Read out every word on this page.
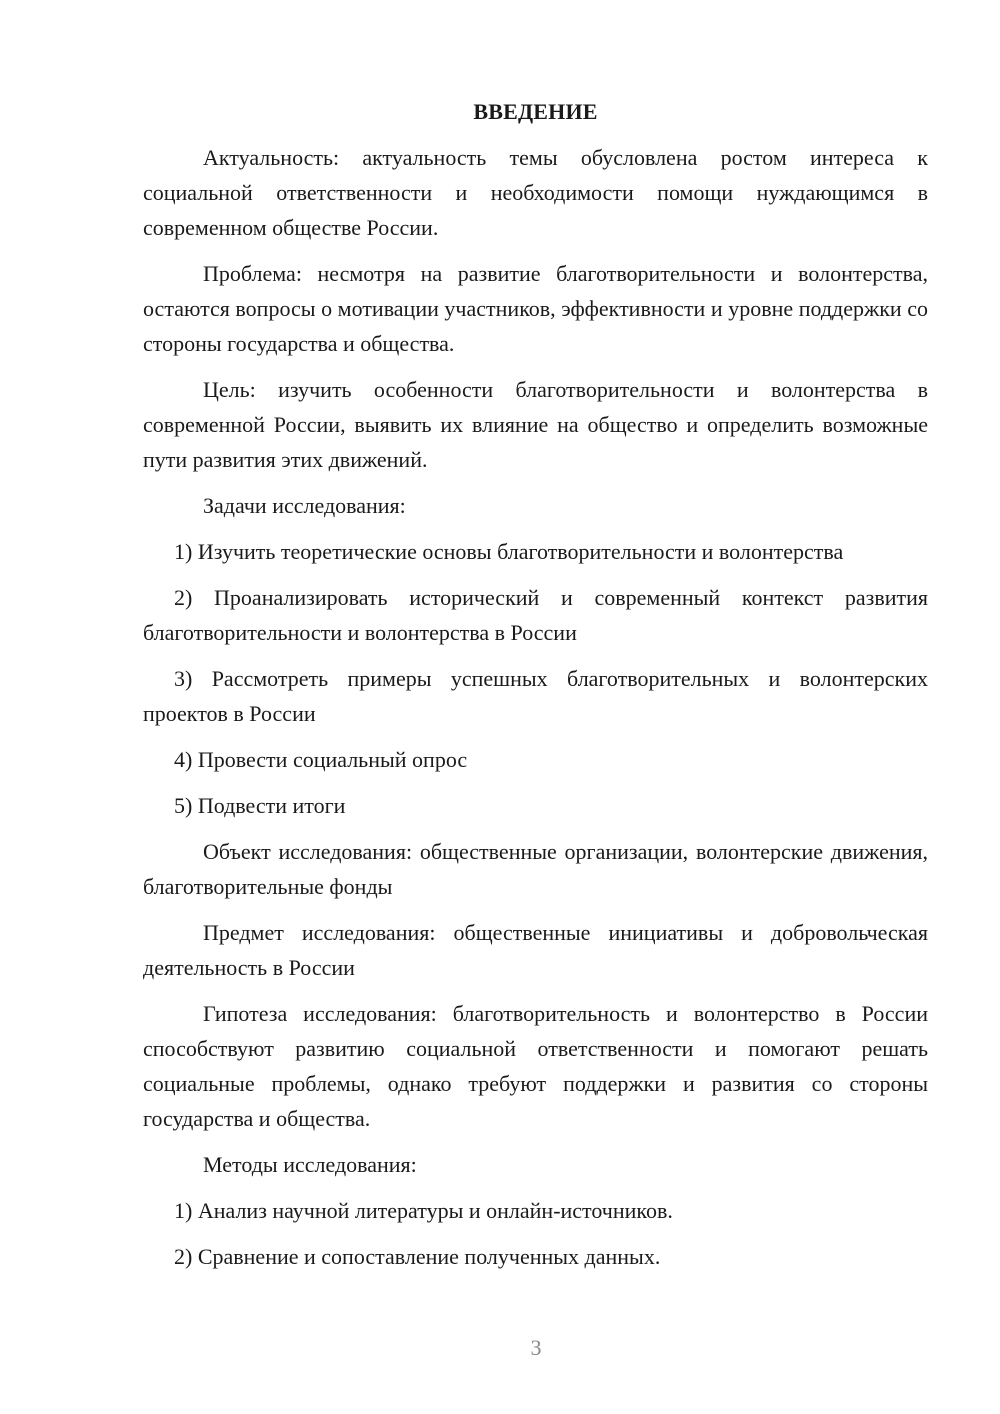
ВВЕДЕНИЕ

Актуальность: актуальность темы обусловлена ростом интереса к социальной ответственности и необходимости помощи нуждающимся в современном обществе России.

Проблема: несмотря на развитие благотворительности и волонтерства, остаются вопросы о мотивации участников, эффективности и уровне поддержки со стороны государства и общества.

Цель: изучить особенности благотворительности и волонтерства в современной России, выявить их влияние на общество и определить возможные пути развития этих движений.

Задачи исследования:

1) Изучить теоретические основы благотворительности и волонтерства

2) Проанализировать исторический и современный контекст развития благотворительности и волонтерства в России

3) Рассмотреть примеры успешных благотворительных и волонтерских проектов в России

4) Провести социальный опрос

5) Подвести итоги

Объект исследования: общественные организации, волонтерские движения, благотворительные фонды

Предмет исследования: общественные инициативы и добровольческая деятельность в России

Гипотеза исследования: благотворительность и волонтерство в России способствуют развитию социальной ответственности и помогают решать социальные проблемы, однако требуют поддержки и развития со стороны государства и общества.

Методы исследования:

1) Анализ научной литературы и онлайн-источников.

2) Сравнение и сопоставление полученных данных.

3
